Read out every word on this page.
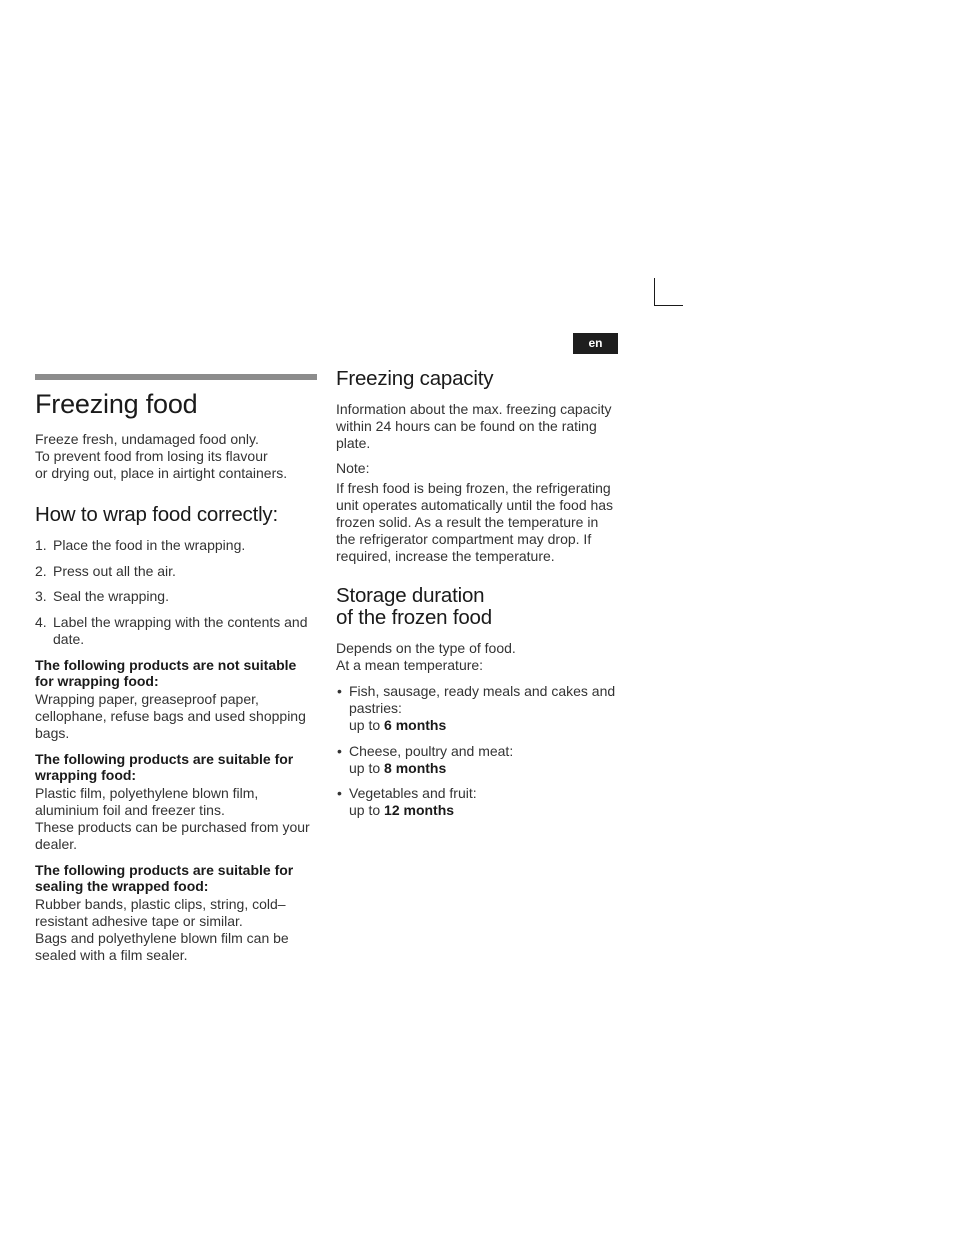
en
Freezing food

Freeze fresh, undamaged food only.
To prevent food from losing its flavour
or drying out, place in airtight containers.

How to wrap food correctly:
1. Place the food in the wrapping.
2. Press out all the air.
3. Seal the wrapping.
4. Label the wrapping with the contents and date.
The following products are not suitable for wrapping food:

Wrapping paper, greaseproof paper, cellophane, refuse bags and used shopping bags.

The following products are suitable for wrapping food:

Plastic film, polyethylene blown film, aluminium foil and freezer tins.
These products can be purchased from your dealer.

The following products are suitable for sealing the wrapped food:

Rubber bands, plastic clips, string, cold–resistant adhesive tape or similar.
Bags and polyethylene blown film can be sealed with a film sealer.

Freezing capacity

Information about the max. freezing capacity within 24 hours can be found on the rating plate.

Note:

If fresh food is being frozen, the refrigerating unit operates automatically until the food has frozen solid. As a result the temperature in the refrigerator compartment may drop. If required, increase the temperature.

Storage duration
of the frozen food

Depends on the type of food.
At a mean temperature:

• Fish, sausage, ready meals and cakes and pastries:
up to 6 months
• Cheese, poultry and meat:
up to 8 months
• Vegetables and fruit:
up to 12 months
